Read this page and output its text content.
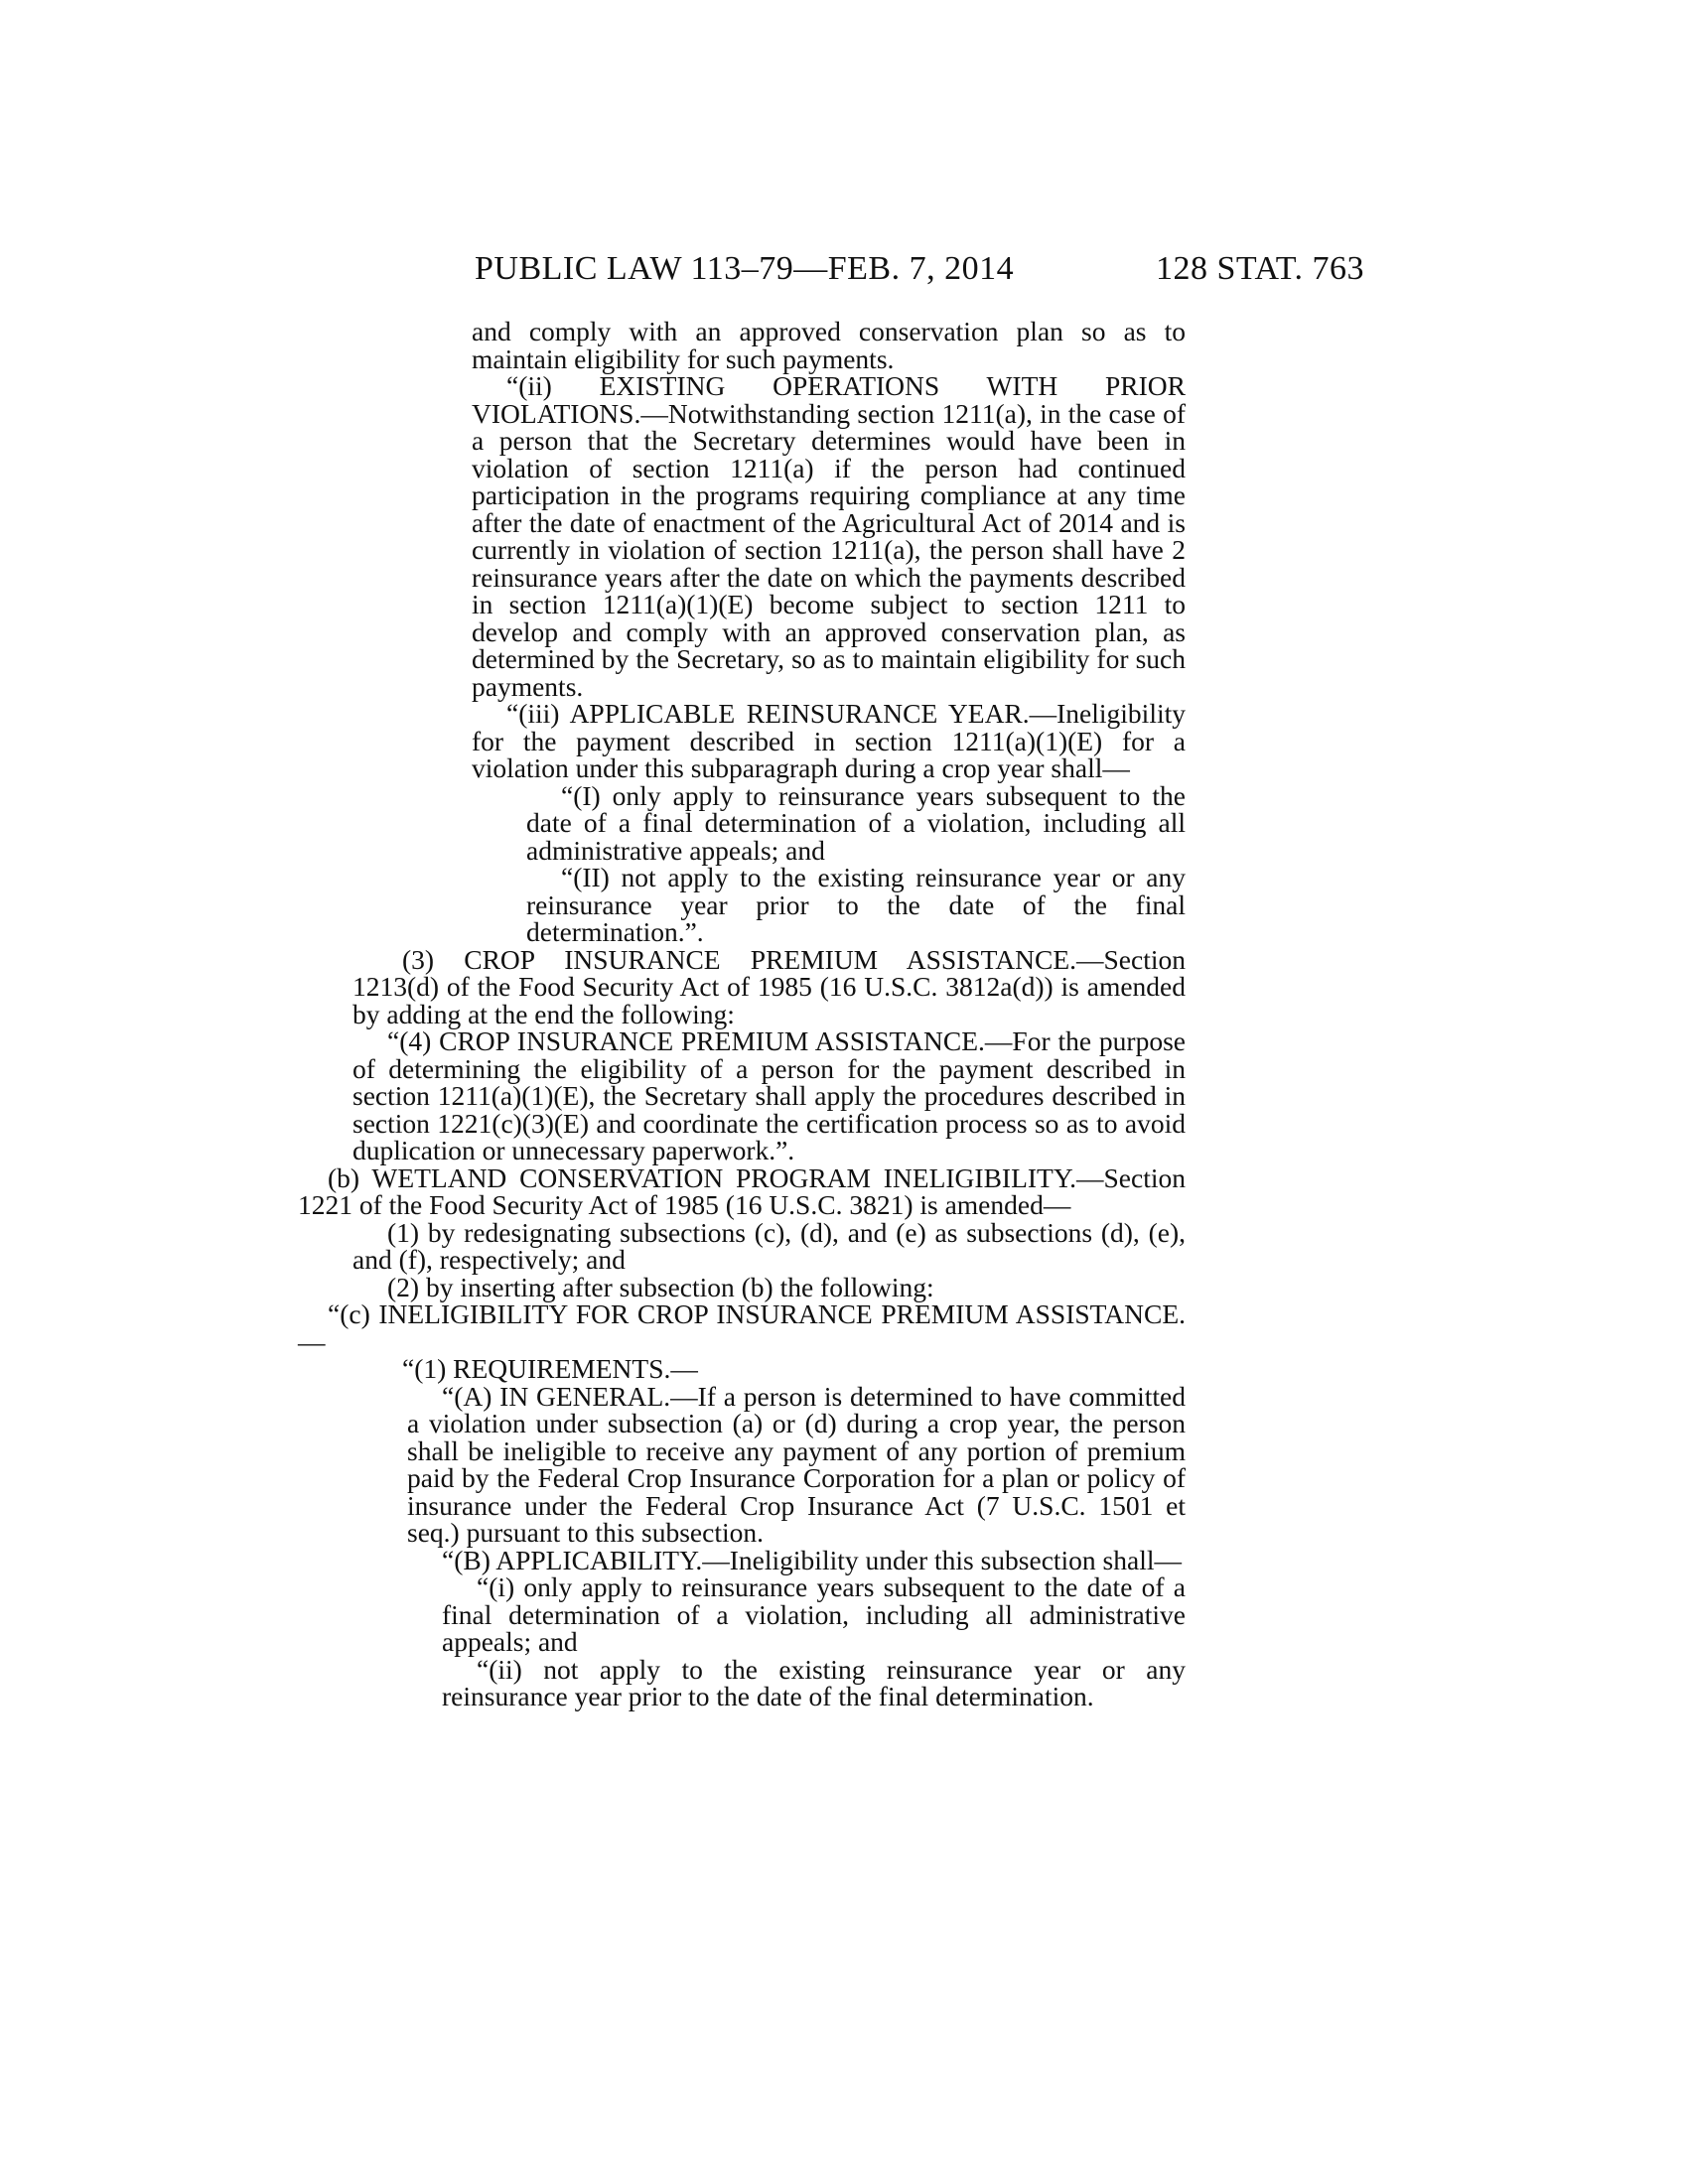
PUBLIC LAW 113–79—FEB. 7, 2014	128 STAT. 763

and comply with an approved conservation plan so as to maintain eligibility for such payments.

“(ii) EXISTING OPERATIONS WITH PRIOR VIOLATIONS.—Notwithstanding section 1211(a), in the case of a person that the Secretary determines would have been in violation of section 1211(a) if the person had continued participation in the programs requiring compliance at any time after the date of enactment of the Agricultural Act of 2014 and is currently in violation of section 1211(a), the person shall have 2 reinsurance years after the date on which the payments described in section 1211(a)(1)(E) become subject to section 1211 to develop and comply with an approved conservation plan, as determined by the Secretary, so as to maintain eligibility for such payments.

“(iii) APPLICABLE REINSURANCE YEAR.—Ineligibility for the payment described in section 1211(a)(1)(E) for a violation under this subparagraph during a crop year shall—

“(I) only apply to reinsurance years subsequent to the date of a final determination of a violation, including all administrative appeals; and

“(II) not apply to the existing reinsurance year or any reinsurance year prior to the date of the final determination.”.

(3) CROP INSURANCE PREMIUM ASSISTANCE.—Section 1213(d) of the Food Security Act of 1985 (16 U.S.C. 3812a(d)) is amended by adding at the end the following:

“(4) CROP INSURANCE PREMIUM ASSISTANCE.—For the purpose of determining the eligibility of a person for the payment described in section 1211(a)(1)(E), the Secretary shall apply the procedures described in section 1221(c)(3)(E) and coordinate the certification process so as to avoid duplication or unnecessary paperwork.”.

(b) WETLAND CONSERVATION PROGRAM INELIGIBILITY.—Section 1221 of the Food Security Act of 1985 (16 U.S.C. 3821) is amended—

(1) by redesignating subsections (c), (d), and (e) as subsections (d), (e), and (f), respectively; and

(2) by inserting after subsection (b) the following:

“(c) INELIGIBILITY FOR CROP INSURANCE PREMIUM ASSISTANCE.—

“(1) REQUIREMENTS.—

“(A) IN GENERAL.—If a person is determined to have committed a violation under subsection (a) or (d) during a crop year, the person shall be ineligible to receive any payment of any portion of premium paid by the Federal Crop Insurance Corporation for a plan or policy of insurance under the Federal Crop Insurance Act (7 U.S.C. 1501 et seq.) pursuant to this subsection.

“(B) APPLICABILITY.—Ineligibility under this subsection shall—

“(i) only apply to reinsurance years subsequent to the date of a final determination of a violation, including all administrative appeals; and

“(ii) not apply to the existing reinsurance year or any reinsurance year prior to the date of the final determination.
